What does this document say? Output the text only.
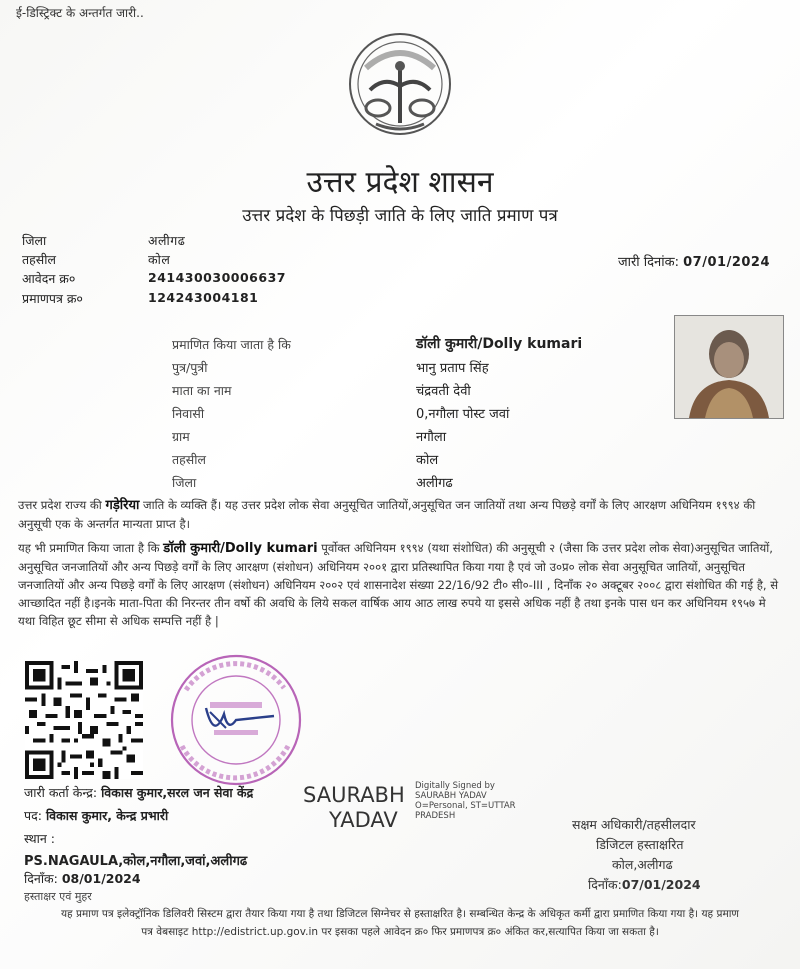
ई-डिस्ट्रिक्ट के अन्तर्गत जारी..
उत्तर प्रदेश शासन
उत्तर प्रदेश के पिछड़ी जाति के लिए जाति प्रमाण पत्र
जिला	अलीगढ
तहसील	कोल
आवेदन क्र०	241430030006637
प्रमाणपत्र क्र०	124243004181
जारी दिनांक: 07/01/2024
प्रमाणित किया जाता है कि	डॉली कुमारी/Dolly kumari
पुत्र/पुत्री	भानु प्रताप सिंह
माता का नाम	चंद्रवती देवी
निवासी	0,नगौला पोस्ट जवां
ग्राम	नगौला
तहसील	कोल
जिला	अलीगढ
उत्तर प्रदेश राज्य की गड़ेरिया जाति के व्यक्ति हैं। यह उत्तर प्रदेश लोक सेवा अनुसूचित जातियों,अनुसूचित जन जातियों तथा अन्य पिछड़े वर्गों के लिए आरक्षण अधिनियम १९९४ की अनुसूची एक के अन्तर्गत मान्यता प्राप्त है।
यह भी प्रमाणित किया जाता है कि डॉली कुमारी/Dolly kumari पूर्वोक्त अधिनियम १९९४ (यथा संशोधित) की अनुसूची २ (जैसा कि उत्तर प्रदेश लोक सेवा)अनुसूचित जातियों, अनुसूचित जनजातियों और अन्य पिछड़े वर्गों के लिए आरक्षण (संशोधन) अधिनियम २००१ द्वारा प्रतिस्थापित किया गया है एवं जो उ०प्र० लोक सेवा अनुसूचित जातियों, अनुसूचित जनजातियों और अन्य पिछड़े वर्गों के लिए आरक्षण (संशोधन) अधिनियम २००२ एवं शासनादेश संख्या 22/16/92 टी० सी०-III , दिनाँक २० अक्टूबर २००८ द्वारा संशोधित की गई है, से आच्छादित नहीं है।इनके माता-पिता की निरन्तर तीन वर्षो की अवधि के लिये सकल वार्षिक आय आठ लाख रुपये या इससे अधिक नहीं है तथा इनके पास धन कर अधिनियम १९५७ मे यथा विहित छूट सीमा से अधिक सम्पत्ति नहीं है |
SAURABH
YADAV
Digitally Signed by
SAURABH YADAV
O=Personal, ST=UTTAR
PRADESH
जारी कर्ता केन्द्र: विकास कुमार,सरल जन सेवा केंद्र
पद: विकास कुमार, केन्द्र प्रभारी
स्थान :
PS.NAGAULA,कोल,नगौला,जवां,अलीगढ
दिनाँक: 08/01/2024
हस्ताक्षर एवं मुहर
सक्षम अधिकारी/तहसीलदार
डिजिटल हस्ताक्षरित
कोल,अलीगढ
दिनाँक:07/01/2024
यह प्रमाण पत्र इलेक्ट्रॉनिक डिलिवरी सिस्टम द्वारा तैयार किया गया है तथा डिजिटल सिग्नेचर से हस्ताक्षरित है। सम्बन्धित केन्द्र के अधिकृत कर्मी द्वारा प्रमाणित किया गया है। यह प्रमाण
पत्र वेबसाइट http://edistrict.up.gov.in पर इसका पहले आवेदन क्र० फिर प्रमाणपत्र क्र० अंकित कर,सत्यापित किया जा सकता है।
